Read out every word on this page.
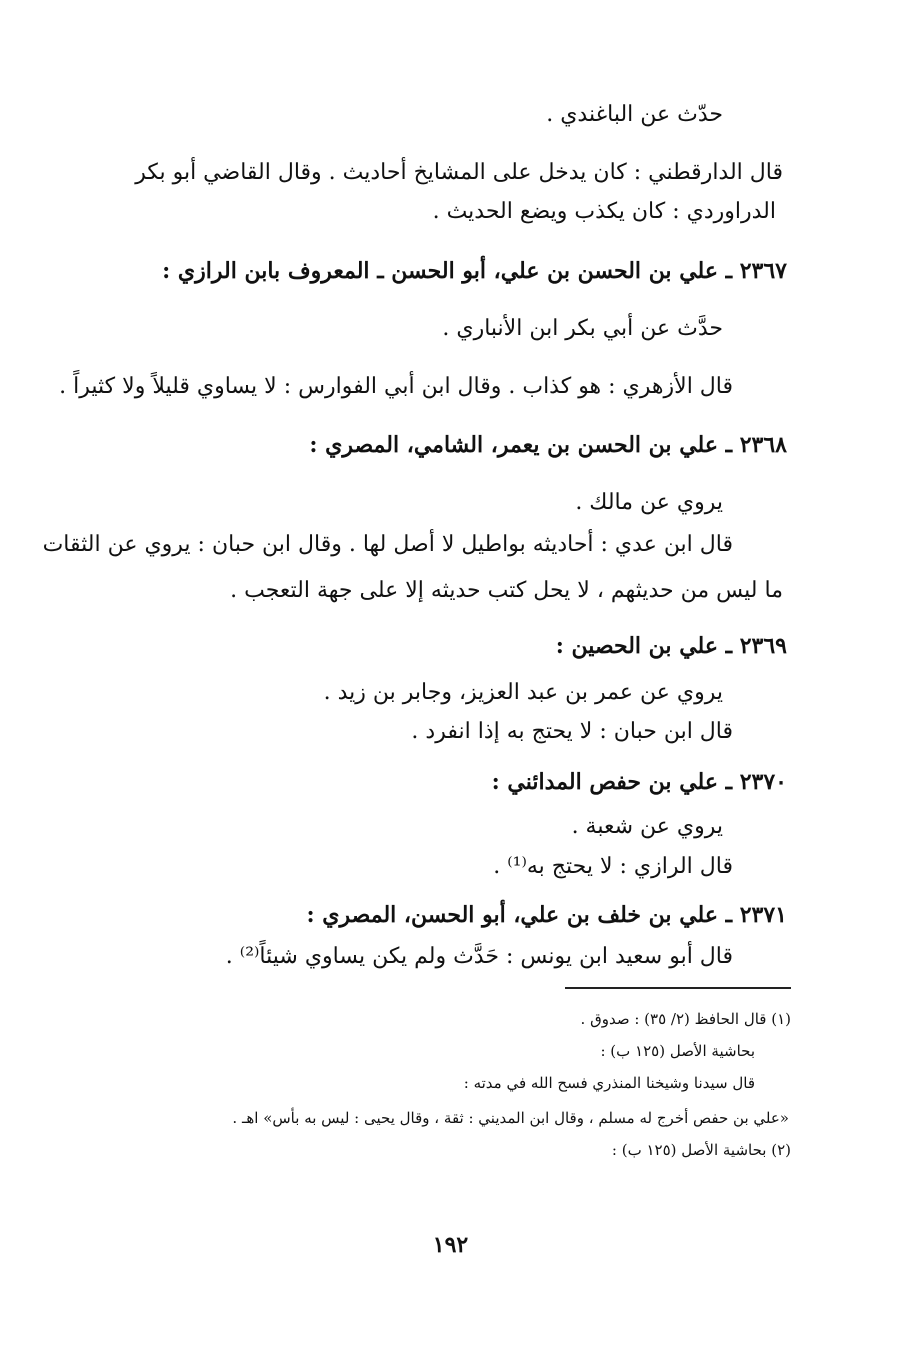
حدّث عن الباغندي .
قال الدارقطني : كان يدخل على المشايخ أحاديث . وقال القاضي أبو بكر
الدراوردي : كان يكذب ويضع الحديث .
٢٣٦٧ ـ علي بن الحسن بن علي، أبو الحسن ـ المعروف بابن الرازي :
حدَّث عن أبي بكر ابن الأنباري .
قال الأزهري : هو كذاب . وقال ابن أبي الفوارس : لا يساوي قليلاً ولا كثيراً .
٢٣٦٨ ـ علي بن الحسن بن يعمر، الشامي، المصري :
يروي عن مالك .
قال ابن عدي : أحاديثه بواطيل لا أصل لها . وقال ابن حبان : يروي عن الثقات
ما ليس من حديثهم ، لا يحل كتب حديثه إلا على جهة التعجب .
٢٣٦٩ ـ علي بن الحصين :
يروي عن عمر بن عبد العزيز، وجابر بن زيد .
قال ابن حبان : لا يحتج به إذا انفرد .
٢٣٧٠ ـ علي بن حفص المدائني :
يروي عن شعبة .
قال الرازي : لا يحتج به⁽¹⁾ .
٢٣٧١ ـ علي بن خلف بن علي، أبو الحسن، المصري :
قال أبو سعيد ابن يونس : حَدَّث ولم يكن يساوي شيئاً⁽²⁾ .
(١) قال الحافظ (٢/ ٣٥) : صدوق .
بحاشية الأصل (١٢٥ ب) :
قال سيدنا وشيخنا المنذري فسح الله في مدته :
«علي بن حفص أخرج له مسلم ، وقال ابن المديني : ثقة ، وقال يحيى : ليس به بأس» اهـ .
(٢) بحاشية الأصل (١٢٥ ب) :
١٩٢
